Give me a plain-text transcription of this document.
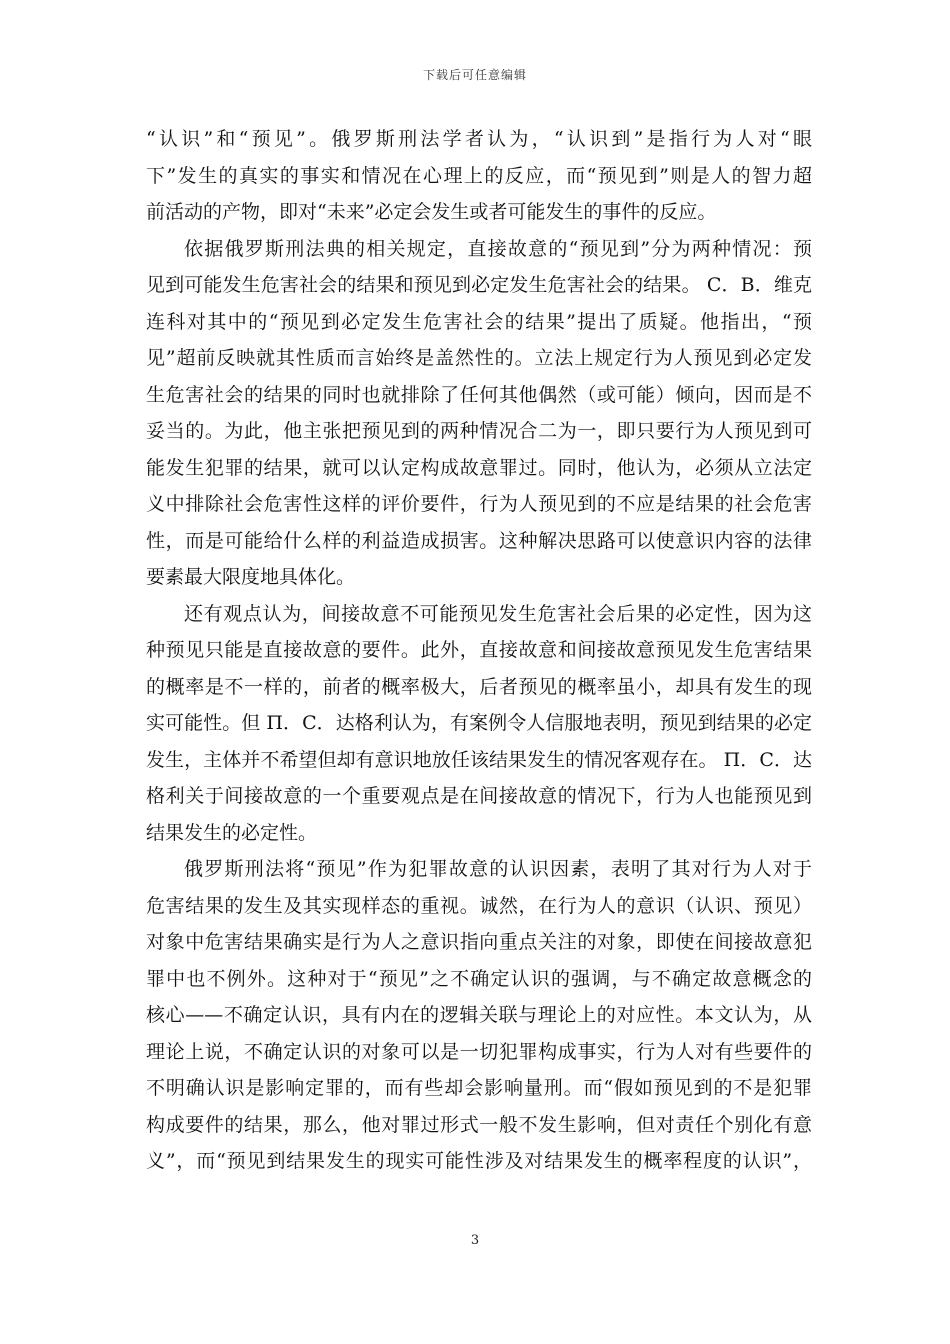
下载后可任意编辑
“认识”和“预见”。俄罗斯刑法学者认为，“认识到”是指行为人对“眼
下”发生的真实的事实和情况在心理上的反应，而“预见到”则是人的智力超
前活动的产物，即对“未来”必定会发生或者可能发生的事件的反应。
依据俄罗斯刑法典的相关规定，直接故意的“预见到”分为两种情况：预
见到可能发生危害社会的结果和预见到必定发生危害社会的结果。 С．В．维克
连科对其中的“预见到必定发生危害社会的结果”提出了质疑。他指出，“预
见”超前反映就其性质而言始终是盖然性的。立法上规定行为人预见到必定发
生危害社会的结果的同时也就排除了任何其他偶然（或可能）倾向，因而是不
妥当的。为此，他主张把预见到的两种情况合二为一，即只要行为人预见到可
能发生犯罪的结果，就可以认定构成故意罪过。同时，他认为，必须从立法定
义中排除社会危害性这样的评价要件，行为人预见到的不应是结果的社会危害
性，而是可能给什么样的利益造成损害。这种解决思路可以使意识内容的法律
要素最大限度地具体化。
还有观点认为，间接故意不可能预见发生危害社会后果的必定性，因为这
种预见只能是直接故意的要件。此外，直接故意和间接故意预见发生危害结果
的概率是不一样的，前者的概率极大，后者预见的概率虽小，却具有发生的现
实可能性。但 П．С．达格利认为，有案例令人信服地表明，预见到结果的必定
发生，主体并不希望但却有意识地放任该结果发生的情况客观存在。 П．С．达
格利关于间接故意的一个重要观点是在间接故意的情况下，行为人也能预见到
结果发生的必定性。
俄罗斯刑法将“预见”作为犯罪故意的认识因素，表明了其对行为人对于
危害结果的发生及其实现样态的重视。诚然，在行为人的意识（认识、预见）
对象中危害结果确实是行为人之意识指向重点关注的对象，即使在间接故意犯
罪中也不例外。这种对于“预见”之不确定认识的强调，与不确定故意概念的
核心——不确定认识，具有内在的逻辑关联与理论上的对应性。本文认为，从
理论上说，不确定认识的对象可以是一切犯罪构成事实，行为人对有些要件的
不明确认识是影响定罪的，而有些却会影响量刑。而“假如预见到的不是犯罪
构成要件的结果，那么，他对罪过形式一般不发生影响，但对责任个别化有意
义”，而“预见到结果发生的现实可能性涉及对结果发生的概率程度的认识”，
3
